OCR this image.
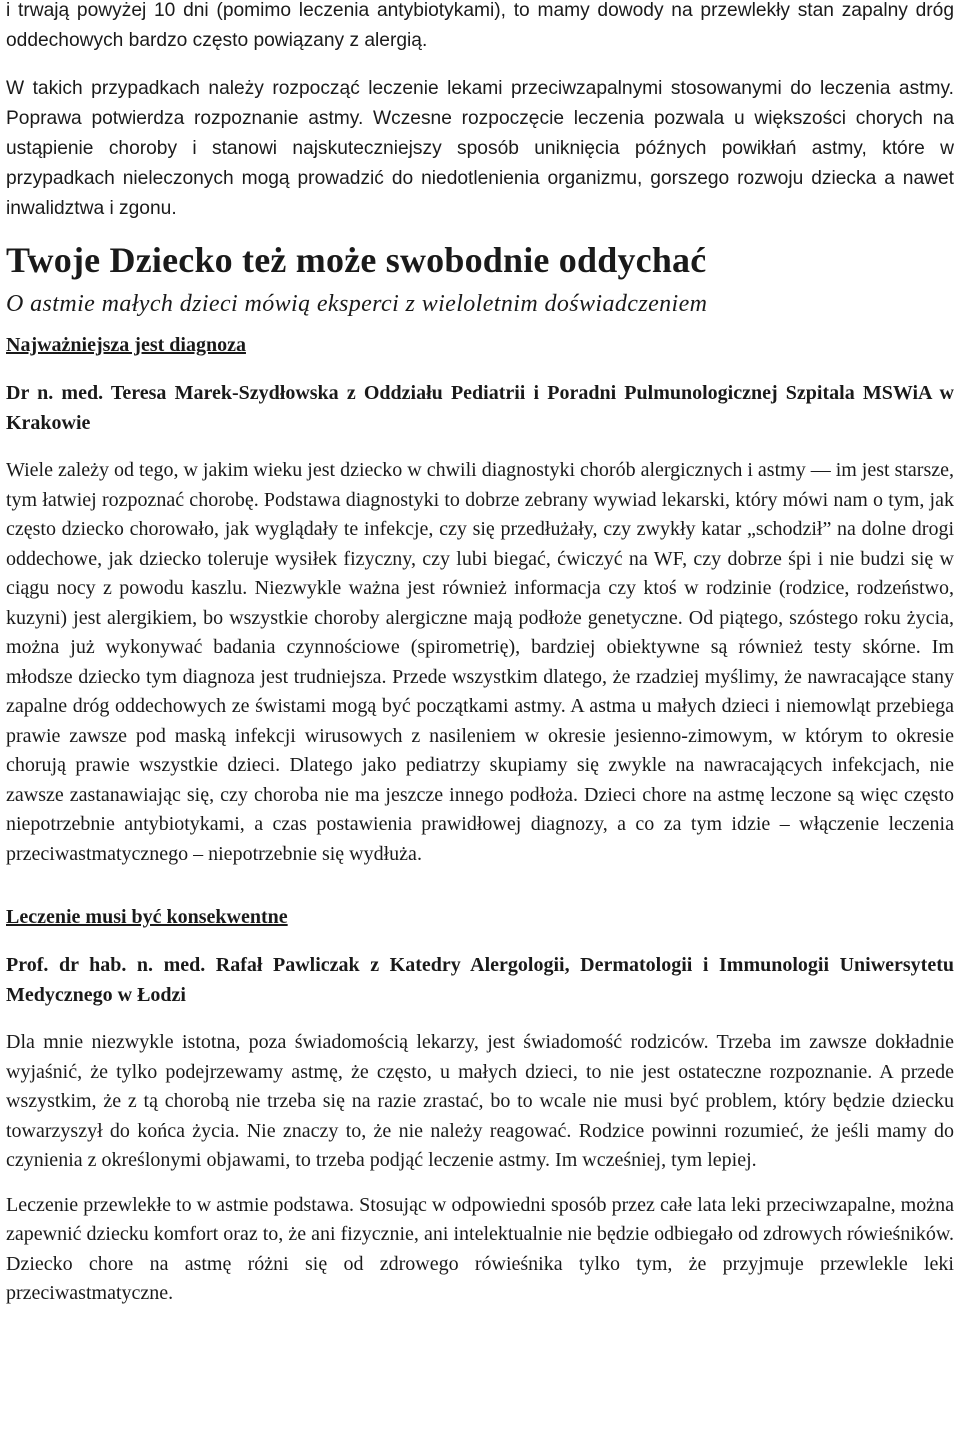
i trwają powyżej 10 dni (pomimo leczenia antybiotykami), to mamy dowody na przewlekły stan zapalny dróg oddechowych bardzo często powiązany z alergią.

W takich przypadkach należy rozpocząć leczenie lekami przeciwzapalnymi stosowanymi do leczenia astmy. Poprawa potwierdza rozpoznanie astmy. Wczesne rozpoczęcie leczenia pozwala u większości chorych na ustąpienie choroby i stanowi najskuteczniejszy sposób uniknięcia późnych powikłań astmy, które w przypadkach nieleczonych mogą prowadzić do niedotlenienia organizmu, gorszego rozwoju dziecka a nawet inwalidztwa i zgonu.

Twoje Dziecko też może swobodnie oddychać
O astmie małych dzieci mówią eksperci z wieloletnim doświadczeniem
Najważniejsza jest diagnoza
Dr n. med. Teresa Marek-Szydłowska z Oddziału Pediatrii i Poradni Pulmunologicznej Szpitala MSWiA w Krakowie

Wiele zależy od tego, w jakim wieku jest dziecko w chwili diagnostyki chorób alergicznych i astmy — im jest starsze, tym łatwiej rozpoznać chorobę. Podstawa diagnostyki to dobrze zebrany wywiad lekarski, który mówi nam o tym, jak często dziecko chorowało, jak wyglądały te infekcje, czy się przedłużały, czy zwykły katar „schodził” na dolne drogi oddechowe, jak dziecko toleruje wysiłek fizyczny, czy lubi biegać, ćwiczyć na WF, czy dobrze śpi i nie budzi się w ciągu nocy z powodu kaszlu. Niezwykle ważna jest również informacja czy ktoś w rodzinie (rodzice, rodzeństwo, kuzyni) jest alergikiem, bo wszystkie choroby alergiczne mają podłoże genetyczne. Od piątego, szóstego roku życia, można już wykonywać badania czynnościowe (spirometrię), bardziej obiektywne są również testy skórne. Im młodsze dziecko tym diagnoza jest trudniejsza. Przede wszystkim dlatego, że rzadziej myślimy, że nawracające stany zapalne dróg oddechowych ze świstami mogą być początkami astmy. A astma u małych dzieci i niemowląt przebiega prawie zawsze pod maską infekcji wirusowych z nasileniem w okresie jesienno-zimowym, w którym to okresie chorują prawie wszystkie dzieci. Dlatego jako pediatrzy skupiamy się zwykle na nawracających infekcjach, nie zawsze zastanawiając się, czy choroba nie ma jeszcze innego podłoża. Dzieci chore na astmę leczone są więc często niepotrzebnie antybiotykami, a czas postawienia prawidłowej diagnozy, a co za tym idzie – włączenie leczenia przeciwastmatycznego – niepotrzebnie się wydłuża.

Leczenie musi być konsekwentne
Prof. dr hab. n. med. Rafał Pawliczak z Katedry Alergologii, Dermatologii i Immunologii Uniwersytetu Medycznego w Łodzi

Dla mnie niezwykle istotna, poza świadomością lekarzy, jest świadomość rodziców. Trzeba im zawsze dokładnie wyjaśnić, że tylko podejrzewamy astmę, że często, u małych dzieci, to nie jest ostateczne rozpoznanie. A przede wszystkim, że z tą chorobą nie trzeba się na razie zrastać, bo to wcale nie musi być problem, który będzie dziecku towarzyszył do końca życia. Nie znaczy to, że nie należy reagować. Rodzice powinni rozumieć, że jeśli mamy do czynienia z określonymi objawami, to trzeba podjąć leczenie astmy. Im wcześniej, tym lepiej.

Leczenie przewlekłe to w astmie podstawa. Stosując w odpowiedni sposób przez całe lata leki przeciwzapalne, można zapewnić dziecku komfort oraz to, że ani fizycznie, ani intelektualnie nie będzie odbiegało od zdrowych rówieśników. Dziecko chore na astmę różni się od zdrowego rówieśnika tylko tym, że przyjmuje przewlekle leki przeciwastmatyczne.
